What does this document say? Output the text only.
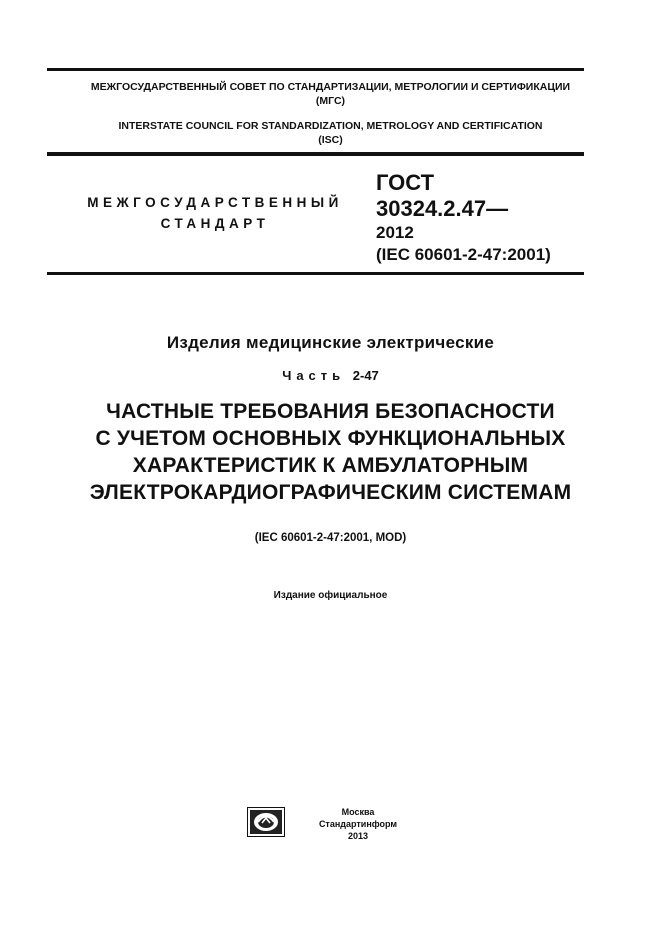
МЕЖГОСУДАРСТВЕННЫЙ СОВЕТ ПО СТАНДАРТИЗАЦИИ, МЕТРОЛОГИИ И СЕРТИФИКАЦИИ
(МГС)
INTERSTATE COUNCIL FOR STANDARDIZATION, METROLOGY AND CERTIFICATION
(ISC)
МЕЖГОСУДАРСТВЕННЫЙ
СТАНДАРТ
ГОСТ
30324.2.47—
2012
(IEC 60601-2-47:2001)
Изделия медицинские электрические
Часть 2-47
ЧАСТНЫЕ ТРЕБОВАНИЯ БЕЗОПАСНОСТИ
С УЧЕТОМ ОСНОВНЫХ ФУНКЦИОНАЛЬНЫХ
ХАРАКТЕРИСТИК К АМБУЛАТОРНЫМ
ЭЛЕКТРОКАРДИОГРАФИЧЕСКИМ СИСТЕМАМ
(IEC 60601-2-47:2001, MOD)
Издание официальное
Москва
Стандартинформ
2013
